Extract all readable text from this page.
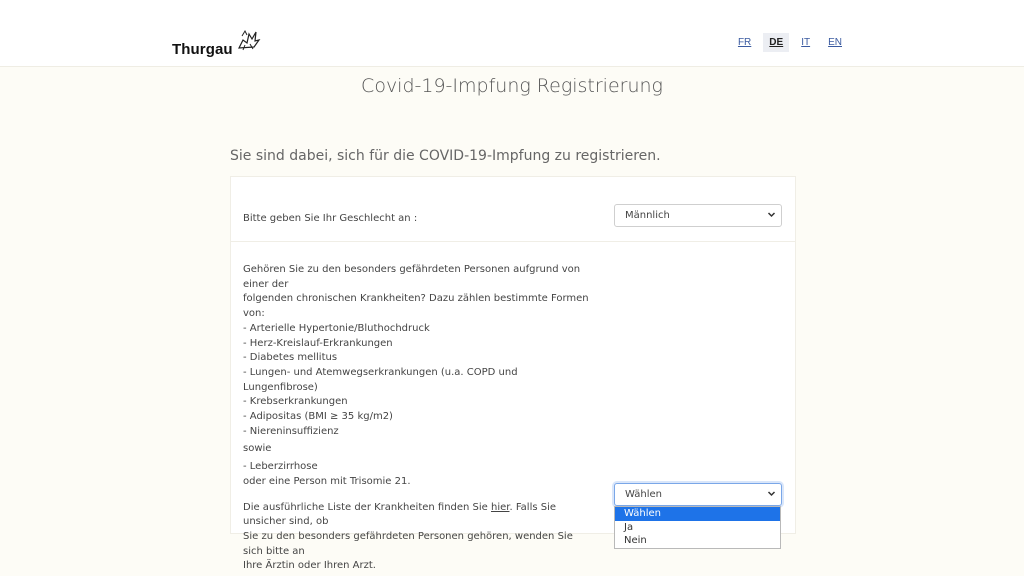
Thurgau	FR	DE	IT	EN
Covid-19-Impfung Registrierung
Sie sind dabei, sich für die COVID-19-Impfung zu registrieren.
Bitte geben Sie Ihr Geschlecht an :	Männlich

Gehören Sie zu den besonders gefährdeten Personen aufgrund von einer der

folgenden chronischen Krankheiten? Dazu zählen bestimmte Formen von:

- Arterielle Hypertonie/Bluthochdruck

- Herz-Kreislauf-Erkrankungen

- Diabetes mellitus

- Lungen- und Atemwegserkrankungen (u.a. COPD und Lungenfibrose)

- Krebserkrankungen

- Adipositas (BMI ≥ 35 kg/m2)

- Niereninsuffizienz

sowie

- Leberzirrhose

oder eine Person mit Trisomie 21.

Die ausführliche Liste der Krankheiten finden Sie hier. Falls Sie unsicher sind, ob

Sie zu den besonders gefährdeten Personen gehören, wenden Sie sich bitte an

Ihre Ärztin oder Ihren Arzt.

Wählen
Wählen
Ja
Nein
